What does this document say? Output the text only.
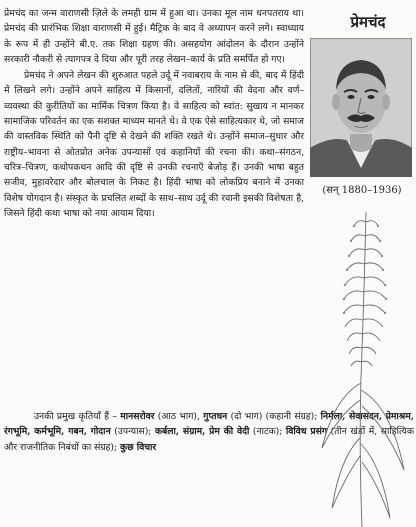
प्रेमचंद का जन्म वाराणसी ज़िले के लमही ग्राम में हुआ था। उनका मूल नाम धनपतराय था। प्रेमचंद की प्रारंभिक शिक्षा वाराणसी में हुई। मैट्रिक के बाद वे अध्यापन करने लगे। स्वाध्याय के रूप में ही उन्होंने बी.ए. तक शिक्षा ग्रहण की। असहयोग आंदोलन के दौरान उन्होंने सरकारी नौकरी से त्यागपत्र दे दिया और पूरी तरह लेखन–कार्य के प्रति समर्पित हो गए।

प्रेमचंद ने अपने लेखन की शुरुआत पहले उर्दू में नवाबराय के नाम से की, बाद में हिंदी में लिखने लगे। उन्होंने अपने साहित्य में किसानों, दलितों, नारियों की वेदना और वर्ण–व्यवस्था की कुरीतियों का मार्मिक चित्रण किया है। वे साहित्य को स्वांत: सुखाय न मानकर सामाजिक परिवर्तन का एक सशक्त माध्यम मानते थे। वे एक ऐसे साहित्यकार थे, जो समाज की वास्तविक स्थिति को पैनी दृष्टि से देखने की शक्ति रखते थे। उन्होंने समाज–सुधार और राष्ट्रीय–भावना से ओतप्रोत अनेक उपन्यासों एवं कहानियों की रचना की। कथा–संगठन, चरित्र–चित्रण, कथोपकथन आदि की दृष्टि से उनकी रचनाएँ बेजोड़ हैं। उनकी भाषा बहुत सजीव, मुहावरेदार और बोलचाल के निकट है। हिंदी भाषा को लोकप्रिय बनाने में उनका विशेष योगदान है। संस्कृत के प्रचलित शब्दों के साथ–साथ उर्दू की रवानी इसकी विशेषता है, जिसने हिंदी कथा भाषा को नया आयाम दिया।

उनकी प्रमुख कृतियाँ हैं – मानसरोवर (आठ भाग), गुप्तधन (दो भाग) (कहानी संग्रह); निर्मला, सेवासदन, प्रेमाश्रम, रंगभूमि, कर्मभूमि, गबन, गोदान (उपन्यास); कर्बला, संग्राम, प्रेम की वेदी (नाटक); विविध प्रसंग (तीन खंडों में, साहित्यिक और राजनीतिक निबंधों का संग्रह); कुछ विचार

प्रेमचंद
(सन् 1880–1936)
